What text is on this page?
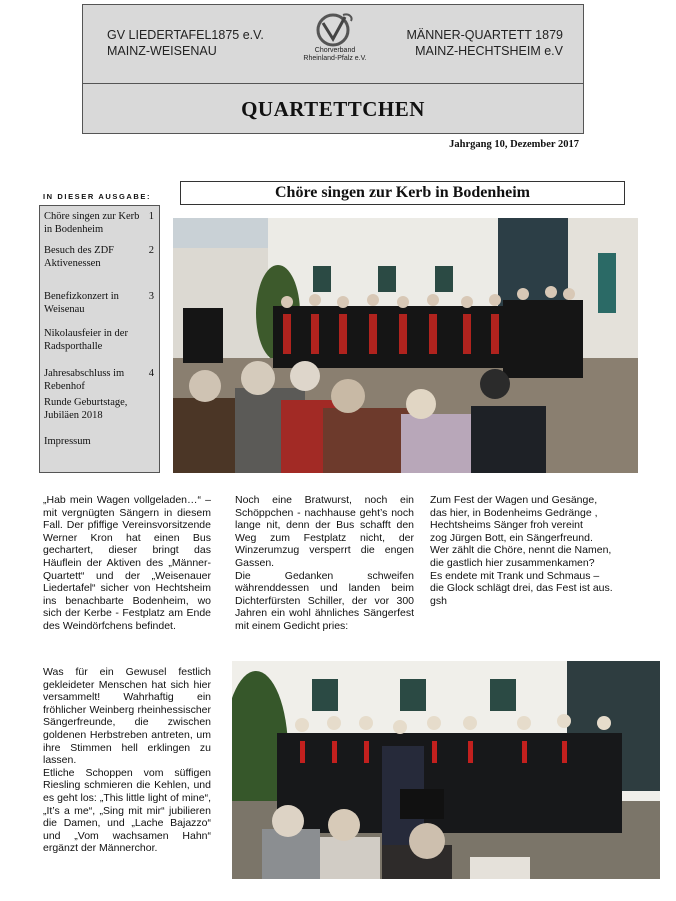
GV LIEDERTAFEL1875 e.V.
MAINZ-WEISENAU
MÄNNER-QUARTETT 1879
MAINZ-HECHTSHEIM e.V
Chorverband
Rheinland-Pfalz e.V.
QUARTETTCHEN
Jahrgang 10, Dezember 2017
IN DIESER AUSGABE:
Chöre singen zur Kerb in Bodenheim
1
Besuch des ZDF Aktivenessen
2
Benefizkonzert in Weisenau
3
Nikolausfeier in der Radsporthalle
Jahresabschluss im Rebenhof
4
Runde Geburtstage, Jubiläen 2018
Impressum
Chöre singen zur Kerb in Bodenheim

„Hab mein Wagen vollgeladen…“ – mit vergnügten Sängern in diesem Fall. Der pfiffige Vereinsvorsitzende Werner Kron hat einen Bus gechartert, dieser bringt das Häuflein der Aktiven des „Männer-Quartett“ und der „Weisenauer Liedertafel“ sicher von Hechtsheim ins benachbarte Bodenheim, wo sich der Kerbe - Festplatz am Ende des Weindörfchens befindet.

Was für ein Gewusel festlich gekleideter Menschen hat sich hier versammelt! Wahrhaftig ein fröhlicher Weinberg rheinhessischer Sängerfreunde, die zwischen goldenen Herbstreben antreten, um ihre Stimmen hell erklingen zu lassen.

Etliche Schoppen vom süffigen Riesling schmieren die Kehlen, und es geht los: „This little light of mine“, „It’s a me“, „Sing mit mir“ jubilieren die Damen, und „Lache Bajazzo“ und „Vom wachsamen Hahn“ ergänzt der Männerchor.

Noch eine Bratwurst, noch ein Schöppchen - nachhause geht’s noch lange nit, denn der Bus schafft den Weg zum Festplatz nicht, der Winzerumzug versperrt die engen Gassen.

Die Gedanken schweifen währenddessen und landen beim Dichterfürsten Schiller, der vor 300 Jahren ein wohl ähnliches Sängerfest mit einem Gedicht pries:

Zum Fest der Wagen und Gesänge,

das hier, in Bodenheims Gedränge ,

Hechtsheims Sänger froh vereint

zog Jürgen Bott, ein Sängerfreund.

Wer zählt die Chöre, nennt die Namen,

die gastlich hier zusammenkamen?

Es endete mit Trank und Schmaus –

die Glock schlägt drei, das Fest ist aus.

gsh
